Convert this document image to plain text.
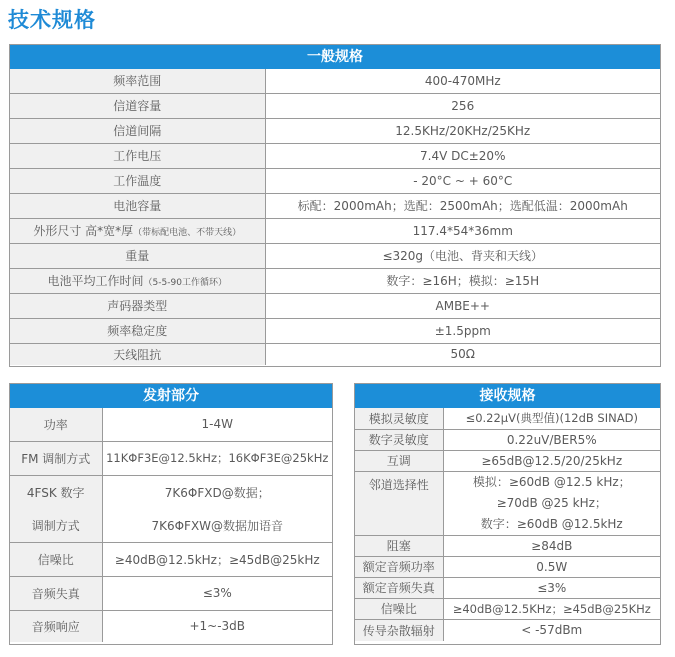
技术规格
一般规格
频率范围	400-470MHz
信道容量	256
信道间隔	12.5KHz/20KHz/25KHz
工作电压	7.4V DC±20%
工作温度	- 20°C ~ + 60°C
电池容量	标配：2000mAh；选配：2500mAh；选配低温：2000mAh
外形尺寸 高*宽*厚（带标配电池、不带天线）	117.4*54*36mm
重量	≤320g（电池、背夹和天线）
电池平均工作时间（5-5-90工作循环）	数字：≥16H；模拟：≥15H
声码器类型	AMBE++
频率稳定度	±1.5ppm
天线阻抗	50Ω
发射部分
功率	1-4W
FM 调制方式	11KΦF3E@12.5kHz；16KΦF3E@25kHz
4FSK 数字	7K6ΦFXD@数据；
调制方式	7K6ΦFXW@数据加语音
信噪比	≥40dB@12.5kHz；≥45dB@25kHz
音频失真	≤3%
音频响应	+1~-3dB
接收规格
模拟灵敏度	≤0.22μV(典型值)(12dB SINAD)
数字灵敏度	0.22uV/BER5%
互调	≥65dB@12.5/20/25kHz
邻道选择性	模拟：≥60dB @12.5 kHz；
≥70dB @25 kHz；
数字：≥60dB @12.5kHz

阻塞	≥84dB
额定音频功率	0.5W
额定音频失真	≤3%
信噪比	≥40dB@12.5KHz；≥45dB@25KHz
传导杂散辐射	< -57dBm
